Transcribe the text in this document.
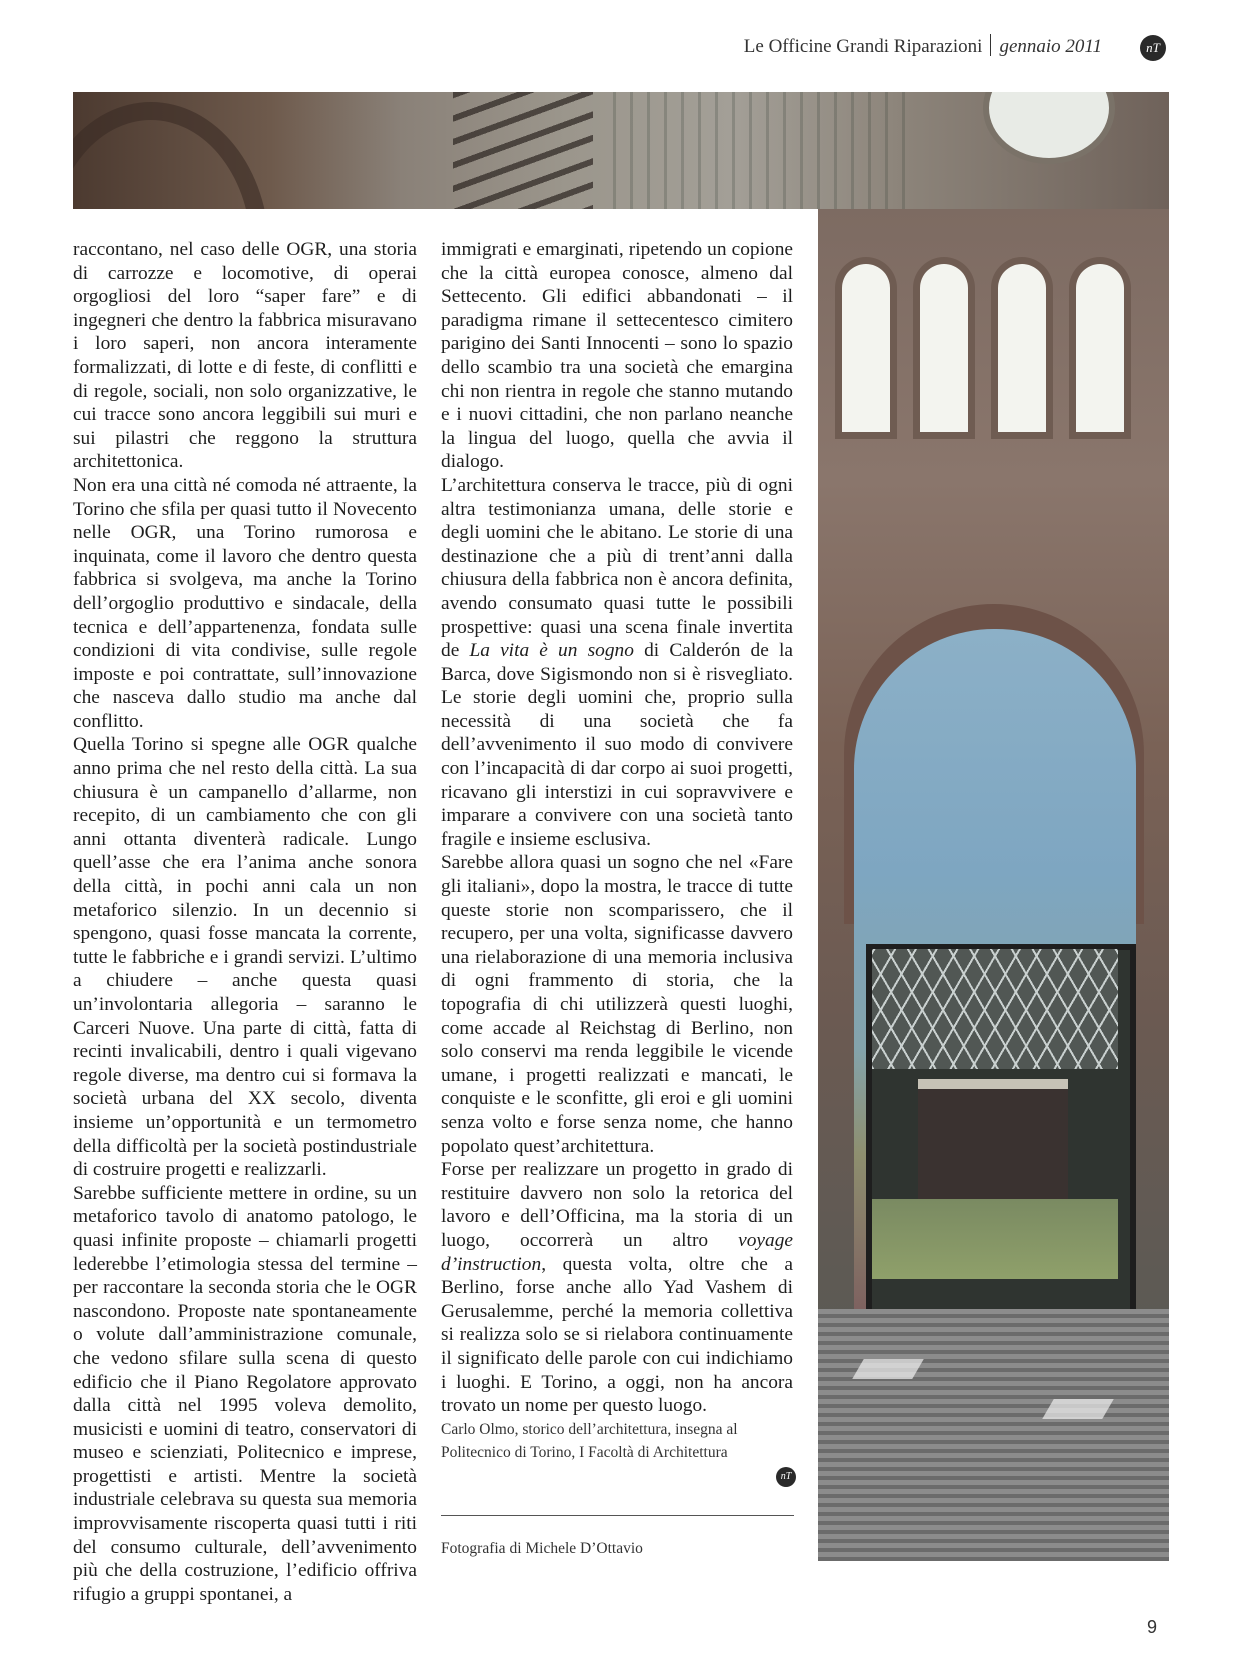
Le Officine Grandi Riparazioni gennaio 2011	nT

raccontano, nel caso delle OGR, una storia di carrozze e locomotive, di operai orgogliosi del loro “saper fare” e di ingegneri che dentro la fabbrica misuravano i loro saperi, non ancora interamente formalizzati, di lotte e di feste, di conflitti e di regole, sociali, non solo organizzative, le cui tracce sono ancora leggibili sui muri e sui pilastri che reggono la struttura architettonica.

Non era una città né comoda né attraente, la Torino che sfila per quasi tutto il Novecento nelle OGR, una Torino rumorosa e inquinata, come il lavoro che dentro questa fabbrica si svolgeva, ma anche la Torino dell’orgoglio produttivo e sindacale, della tecnica e dell’appartenenza, fondata sulle condizioni di vita condivise, sulle regole imposte e poi contrattate, sull’innovazione che nasceva dallo studio ma anche dal conflitto.

Quella Torino si spegne alle OGR qualche anno prima che nel resto della città. La sua chiusura è un campanello d’allarme, non recepito, di un cambiamento che con gli anni ottanta diventerà radicale. Lungo quell’asse che era l’anima anche sonora della città, in pochi anni cala un non metaforico silenzio. In un decennio si spengono, quasi fosse mancata la corrente, tutte le fabbriche e i grandi servizi. L’ultimo a chiudere – anche questa quasi un’involontaria allegoria – saranno le Carceri Nuove. Una parte di città, fatta di recinti invalicabili, dentro i quali vigevano regole diverse, ma dentro cui si formava la società urbana del XX secolo, diventa insieme un’opportunità e un termometro della difficoltà per la società postindustriale di costruire progetti e realizzarli.

Sarebbe sufficiente mettere in ordine, su un metaforico tavolo di anatomo patologo, le quasi infinite proposte – chiamarli progetti lederebbe l’etimologia stessa del termine – per raccontare la seconda storia che le OGR nascondono. Proposte nate spontaneamente o volute dall’amministrazione comunale, che vedono sfilare sulla scena di questo edificio che il Piano Regolatore approvato dalla città nel 1995 voleva demolito, musicisti e uomini di teatro, conservatori di museo e scienziati, Politecnico e imprese, progettisti e artisti. Mentre la società industriale celebrava su questa sua memoria improvvisamente riscoperta quasi tutti i riti del consumo culturale, dell’avvenimento più che della costruzione, l’edificio offriva rifugio a gruppi spontanei, a

immigrati e emarginati, ripetendo un copione che la città europea conosce, almeno dal Settecento. Gli edifici abbandonati – il paradigma rimane il settecentesco cimitero parigino dei Santi Innocenti – sono lo spazio dello scambio tra una società che emargina chi non rientra in regole che stanno mutando e i nuovi cittadini, che non parlano neanche la lingua del luogo, quella che avvia il dialogo.

L’architettura conserva le tracce, più di ogni altra testimonianza umana, delle storie e degli uomini che le abitano. Le storie di una destinazione che a più di trent’anni dalla chiusura della fabbrica non è ancora definita, avendo consumato quasi tutte le possibili prospettive: quasi una scena finale invertita de La vita è un sogno di Calderón de la Barca, dove Sigismondo non si è risvegliato. Le storie degli uomini che, proprio sulla necessità di una società che fa dell’avvenimento il suo modo di convivere con l’incapacità di dar corpo ai suoi progetti, ricavano gli interstizi in cui sopravvivere e imparare a convivere con una società tanto fragile e insieme esclusiva.

Sarebbe allora quasi un sogno che nel «Fare gli italiani», dopo la mostra, le tracce di tutte queste storie non scomparissero, che il recupero, per una volta, significasse davvero una rielaborazione di una memoria inclusiva di ogni frammento di storia, che la topografia di chi utilizzerà questi luoghi, come accade al Reichstag di Berlino, non solo conservi ma renda leggibile le vicende umane, i progetti realizzati e mancati, le conquiste e le sconfitte, gli eroi e gli uomini senza volto e forse senza nome, che hanno popolato quest’architettura.

Forse per realizzare un progetto in grado di restituire davvero non solo la retorica del lavoro e dell’Officina, ma la storia di un luogo, occorrerà un altro voyage d’instruction, questa volta, oltre che a Berlino, forse anche allo Yad Vashem di Gerusalemme, perché la memoria collettiva si realizza solo se si rielabora continuamente il significato delle parole con cui indichiamo i luoghi. E Torino, a oggi, non ha ancora trovato un nome per questo luogo.

Carlo Olmo, storico dell’architettura, insegna al Politecnico di Torino, I Facoltà di Architettura
nT
Fotografia di Michele D’Ottavio
9
